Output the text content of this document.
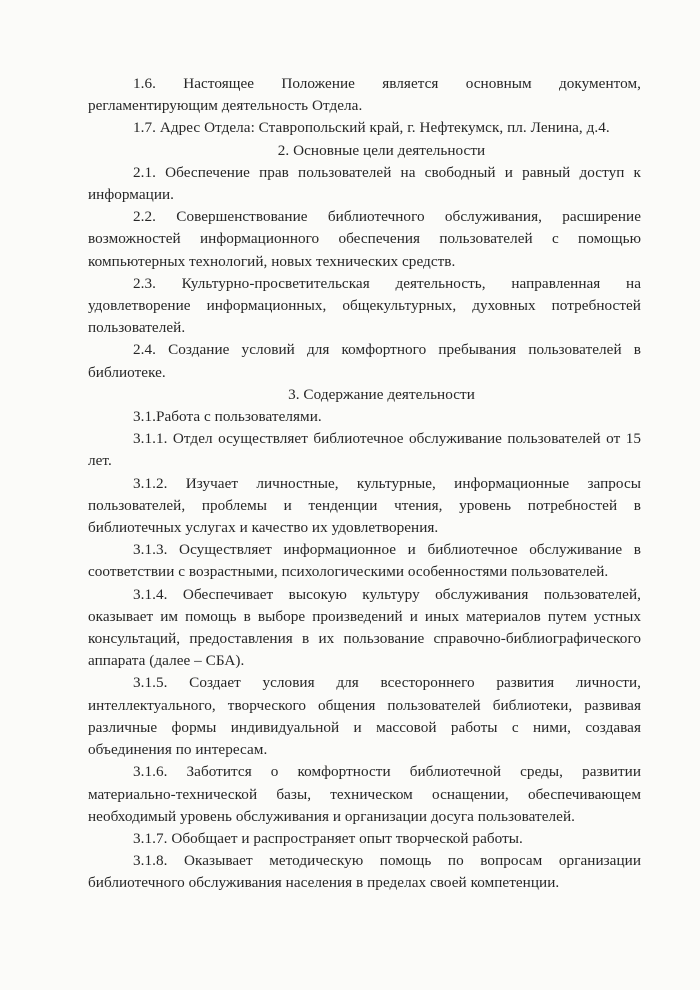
1.6. Настоящее Положение является основным документом, регламентирующим деятельность Отдела.

1.7. Адрес Отдела: Ставропольский край, г. Нефтекумск, пл. Ленина, д.4.

2. Основные цели деятельности

2.1. Обеспечение прав пользователей на свободный и равный доступ к информации.

2.2. Совершенствование библиотечного обслуживания, расширение возможностей информационного обеспечения пользователей с помощью компьютерных технологий, новых технических средств.

2.3. Культурно-просветительская деятельность, направленная на удовлетворение информационных, общекультурных, духовных потребностей пользователей.

2.4. Создание условий для комфортного пребывания пользователей в библиотеке.

3. Содержание деятельности

3.1.Работа с пользователями.

3.1.1. Отдел осуществляет библиотечное обслуживание пользователей от 15 лет.

3.1.2. Изучает личностные, культурные, информационные запросы пользователей, проблемы и тенденции чтения, уровень потребностей в библиотечных услугах и качество их удовлетворения.

3.1.3. Осуществляет информационное и библиотечное обслуживание в соответствии с возрастными, психологическими особенностями пользователей.

3.1.4. Обеспечивает высокую культуру обслуживания пользователей, оказывает им помощь в выборе произведений и иных материалов путем устных консультаций, предоставления в их пользование справочно-библиографического аппарата (далее – СБА).

3.1.5. Создает условия для всестороннего развития личности, интеллектуального, творческого общения пользователей библиотеки, развивая различные формы индивидуальной и массовой работы с ними, создавая объединения по интересам.

3.1.6. Заботится о комфортности библиотечной среды, развитии материально-технической базы, техническом оснащении, обеспечивающем необходимый уровень обслуживания и организации досуга пользователей.

3.1.7. Обобщает и распространяет опыт творческой работы.

3.1.8. Оказывает методическую помощь по вопросам организации библиотечного обслуживания населения в пределах своей компетенции.
